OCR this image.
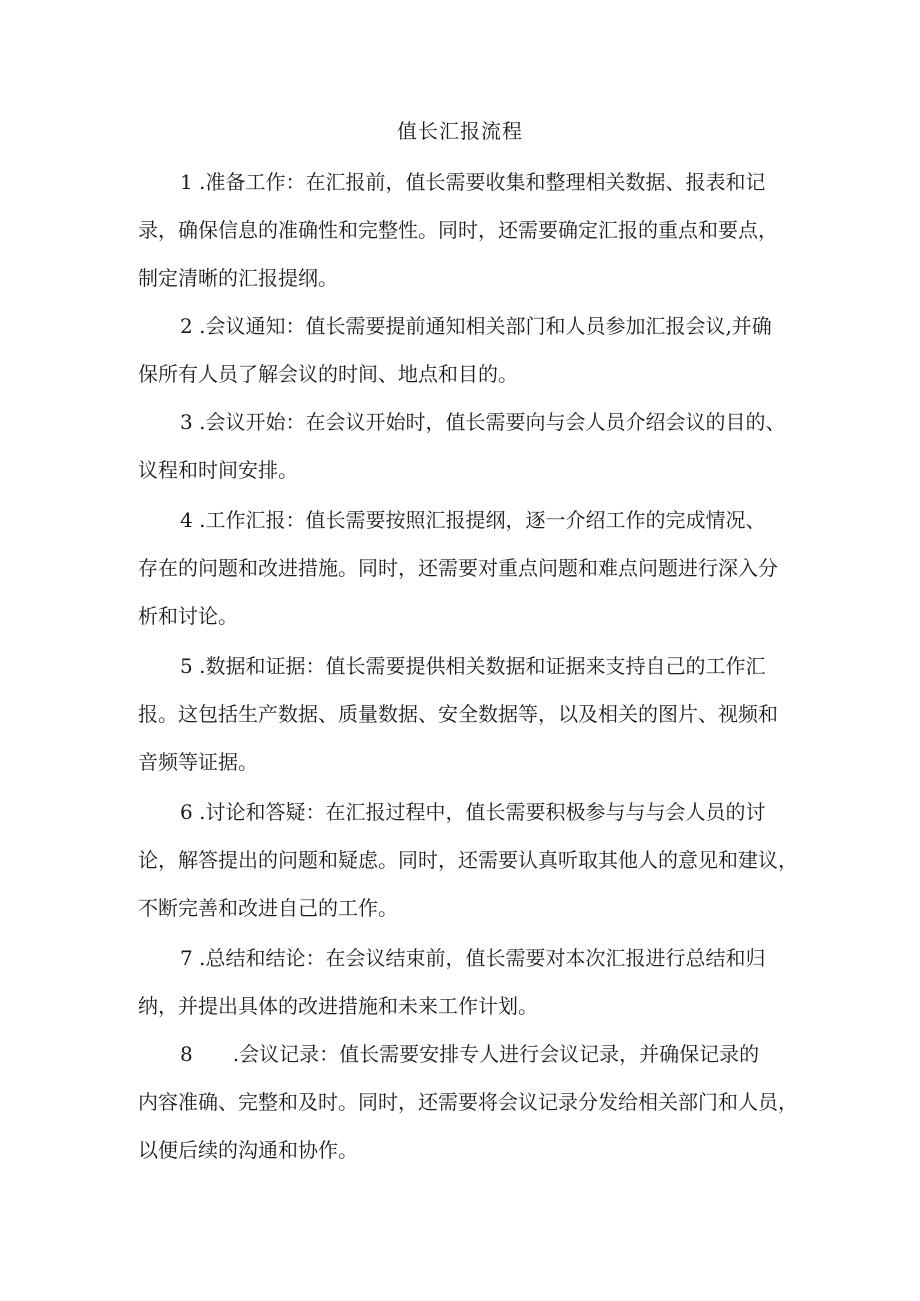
值长汇报流程
1 .准备工作：在汇报前，值长需要收集和整理相关数据、报表和记
录，确保信息的准确性和完整性。同时，还需要确定汇报的重点和要点，
制定清晰的汇报提纲。
2 .会议通知：值长需要提前通知相关部门和人员参加汇报会议,并确
保所有人员了解会议的时间、地点和目的。
3 .会议开始：在会议开始时，值长需要向与会人员介绍会议的目的、
议程和时间安排。
4 .工作汇报：值长需要按照汇报提纲，逐一介绍工作的完成情况、
存在的问题和改进措施。同时，还需要对重点问题和难点问题进行深入分
析和讨论。
5 .数据和证据：值长需要提供相关数据和证据来支持自己的工作汇
报。这包括生产数据、质量数据、安全数据等，以及相关的图片、视频和
音频等证据。
6 .讨论和答疑：在汇报过程中，值长需要积极参与与与会人员的讨
论，解答提出的问题和疑虑。同时，还需要认真听取其他人的意见和建议，
不断完善和改进自己的工作。
7 .总结和结论：在会议结束前，值长需要对本次汇报进行总结和归
纳，并提出具体的改进措施和未来工作计划。
8　　.会议记录：值长需要安排专人进行会议记录，并确保记录的
内容准确、完整和及时。同时，还需要将会议记录分发给相关部门和人员，
以便后续的沟通和协作。
